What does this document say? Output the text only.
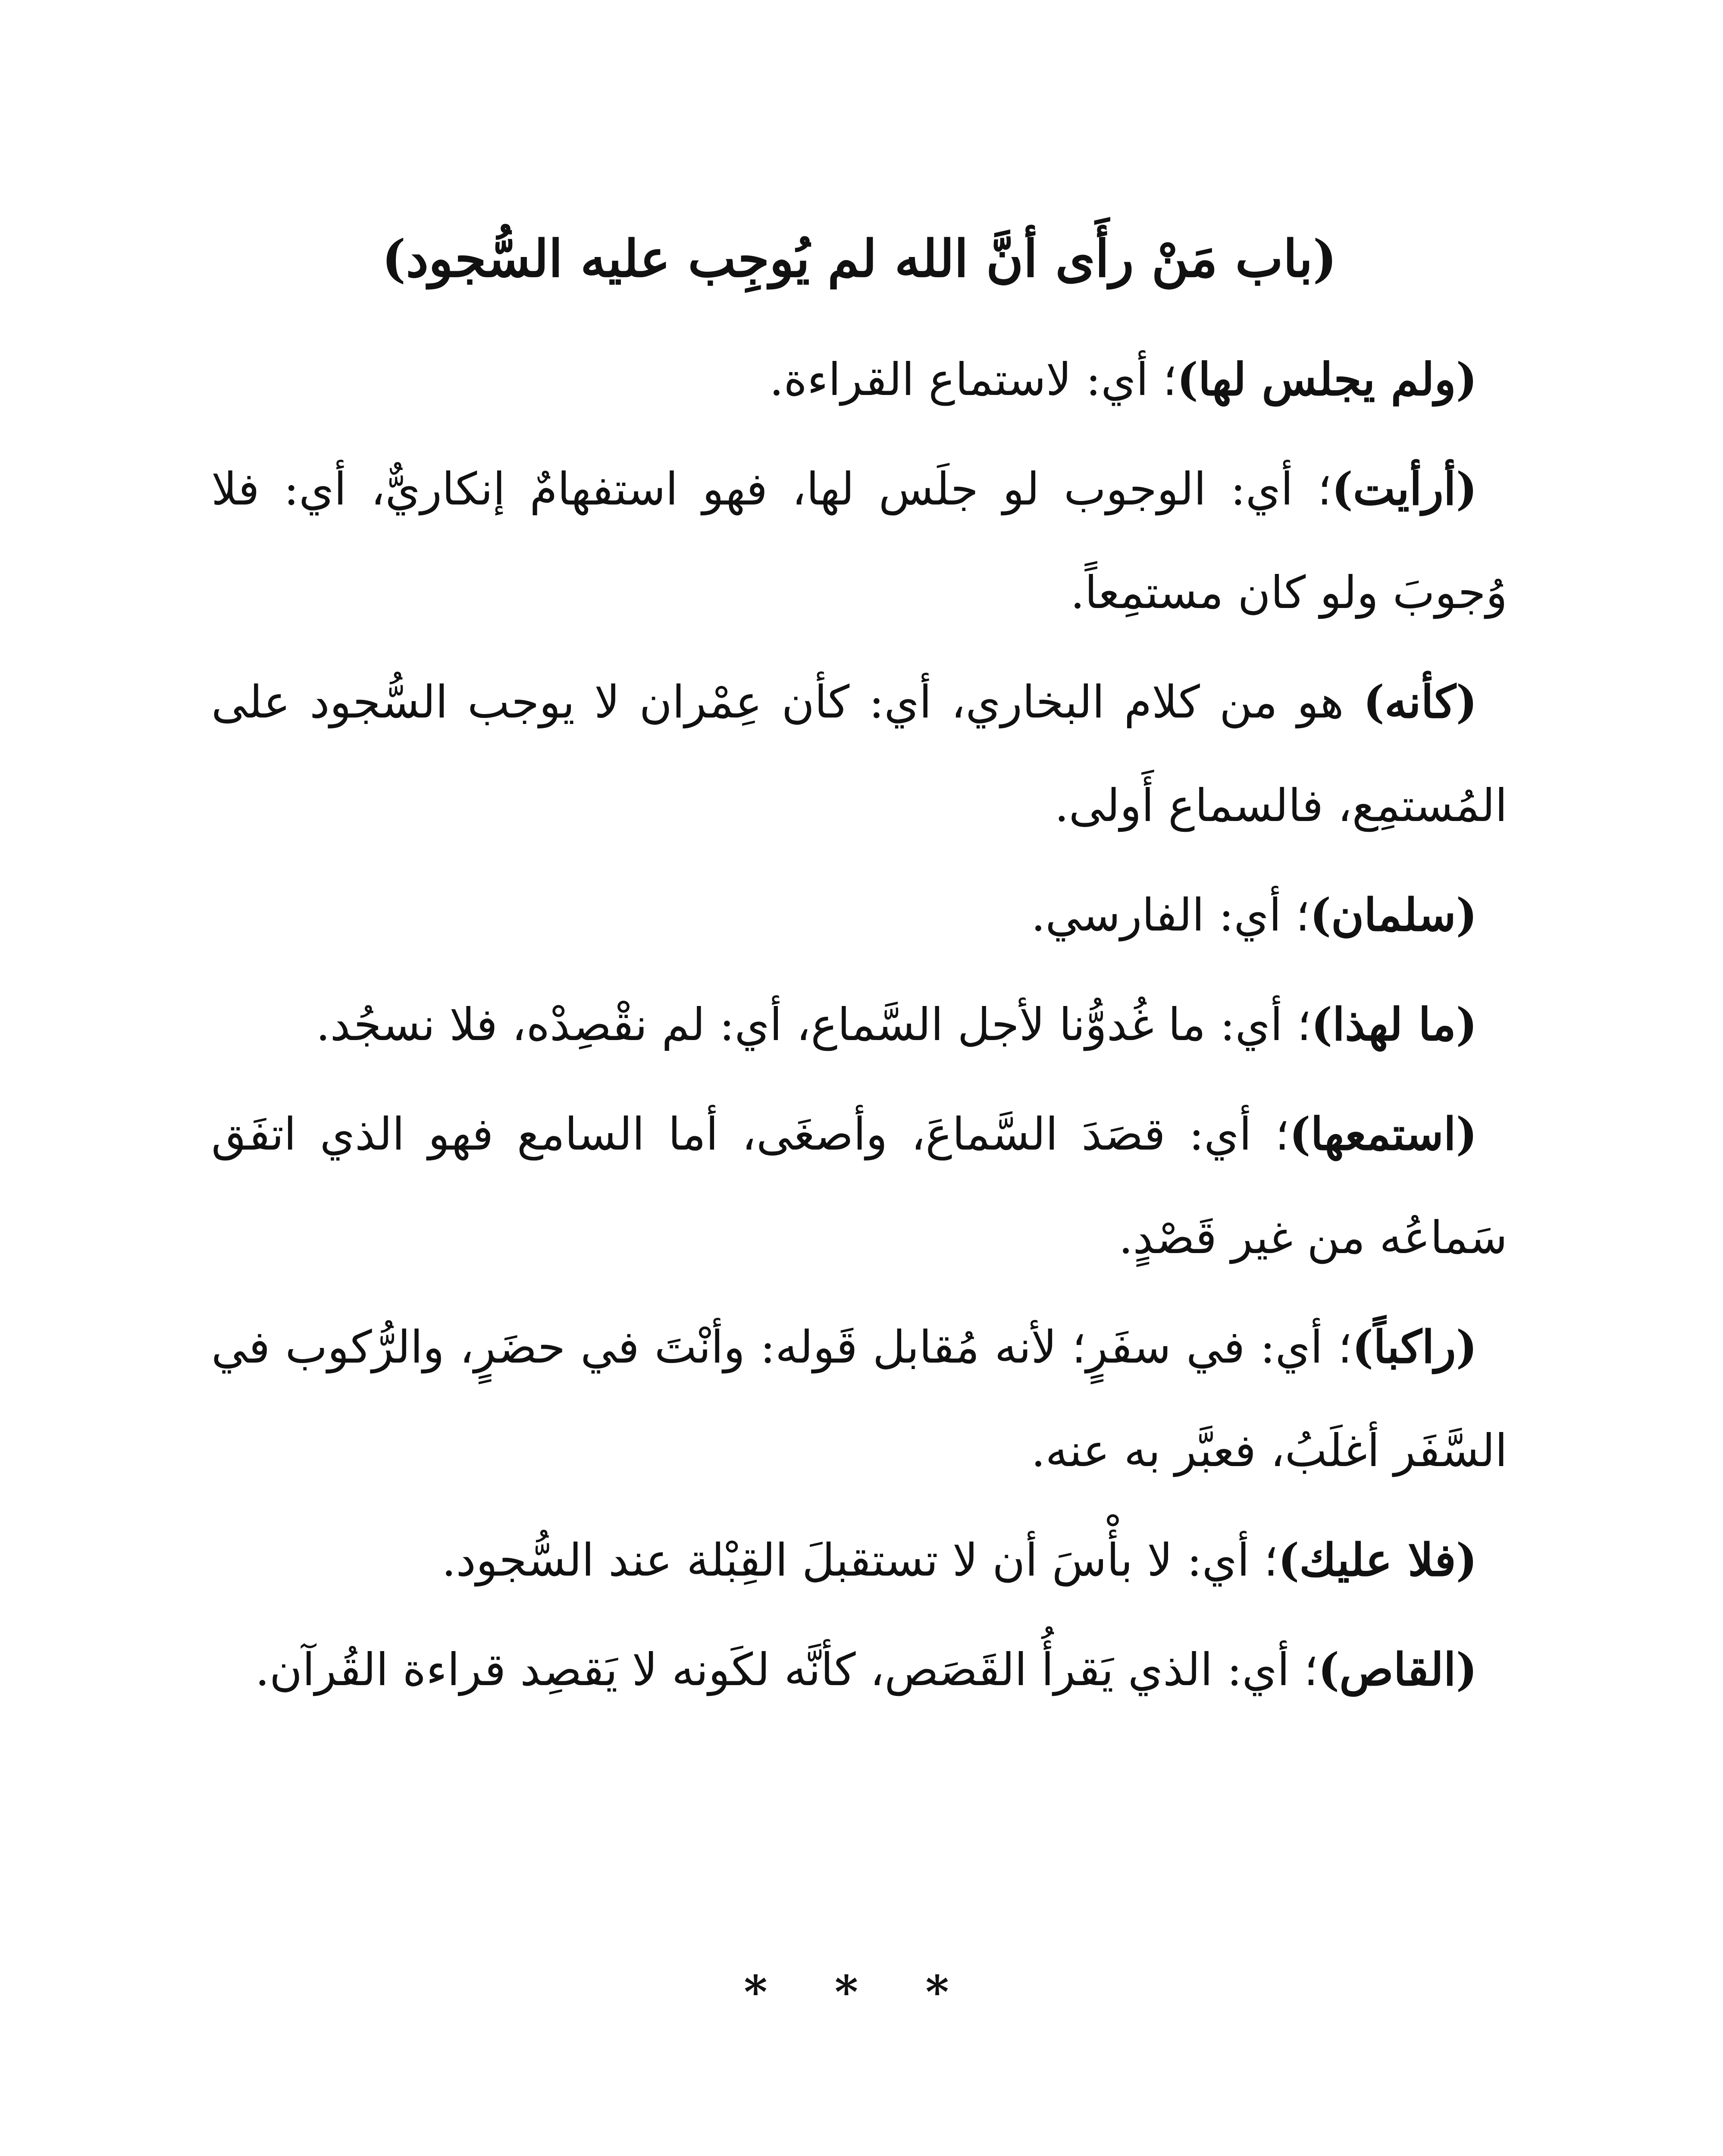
(باب مَنْ رأَى أنَّ الله لم يُوجِب عليه السُّجود)

(ولم يجلس لها)؛ أي: لاستماع القراءة.

(أرأيت)؛ أي: الوجوب لو جلَس لها، فهو استفهامٌ إنكاريٌّ، أي: فلا وُجوبَ ولو كان مستمِعاً.

(كأنه) هو من كلام البخاري، أي: كأن عِمْران لا يوجب السُّجود على المُستمِع، فالسماع أَولى.

(سلمان)؛ أي: الفارسي.

(ما لهذا)؛ أي: ما غُدوُّنا لأجل السَّماع، أي: لم نقْصِدْه، فلا نسجُد.

(استمعها)؛ أي: قصَدَ السَّماعَ، وأصغَى، أما السامع فهو الذي اتفَق سَماعُه من غير قَصْدٍ.

(راكباً)؛ أي: في سفَرٍ؛ لأنه مُقابل قَوله: وأنْتَ في حضَرٍ، والرُّكوب في السَّفَر أغلَبُ، فعبَّر به عنه.

(فلا عليك)؛ أي: لا بأْسَ أن لا تستقبلَ القِبْلة عند السُّجود.

(القاص)؛ أي: الذي يَقرأُ القَصَص، كأنَّه لكَونه لا يَقصِد قراءة القُرآن.

* * *
